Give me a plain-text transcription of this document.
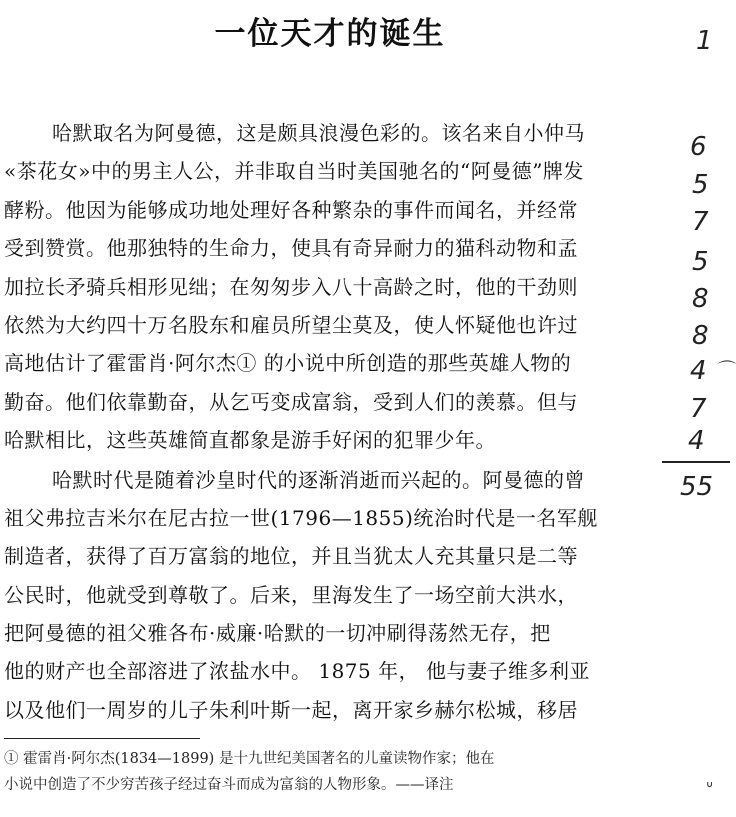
一位天才的诞生	1
哈默取名为阿曼德，这是颇具浪漫色彩的。该名来自小仲马
«茶花女»中的男主人公，并非取自当时美国驰名的“阿曼德”牌发
酵粉。他因为能够成功地处理好各种繁杂的事件而闻名，并经常
受到赞赏。他那独特的生命力，使具有奇异耐力的猫科动物和孟
加拉长矛骑兵相形见绌；在匆匆步入八十高龄之时，他的干劲则
依然为大约四十万名股东和雇员所望尘莫及，使人怀疑他也许过
高地估计了霍雷肖·阿尔杰① 的小说中所创造的那些英雄人物的
勤奋。他们依靠勤奋，从乞丐变成富翁，受到人们的羡慕。但与
哈默相比，这些英雄简直都象是游手好闲的犯罪少年。
哈默时代是随着沙皇时代的逐渐消逝而兴起的。阿曼德的曾
祖父弗拉吉米尔在尼古拉一世(1796—1855)统治时代是一名军舰
制造者，获得了百万富翁的地位，并且当犹太人充其量只是二等
公民时，他就受到尊敬了。后来，里海发生了一场空前大洪水，
把阿曼德的祖父雅各布·威廉·哈默的一切冲刷得荡然无存，把
他的财产也全部溶进了浓盐水中。 1875 年， 他与妻子维多利亚
以及他们一周岁的儿子朱利叶斯一起，离开家乡赫尔松城，移居
6
5
7
5
8
8
4
7
4
⌒
55
① 霍雷肖·阿尔杰(1834—1899) 是十九世纪美国著名的儿童读物作家；他在
小说中创造了不少穷苦孩子经过奋斗而成为富翁的人物形象。——译注	ᐡ
